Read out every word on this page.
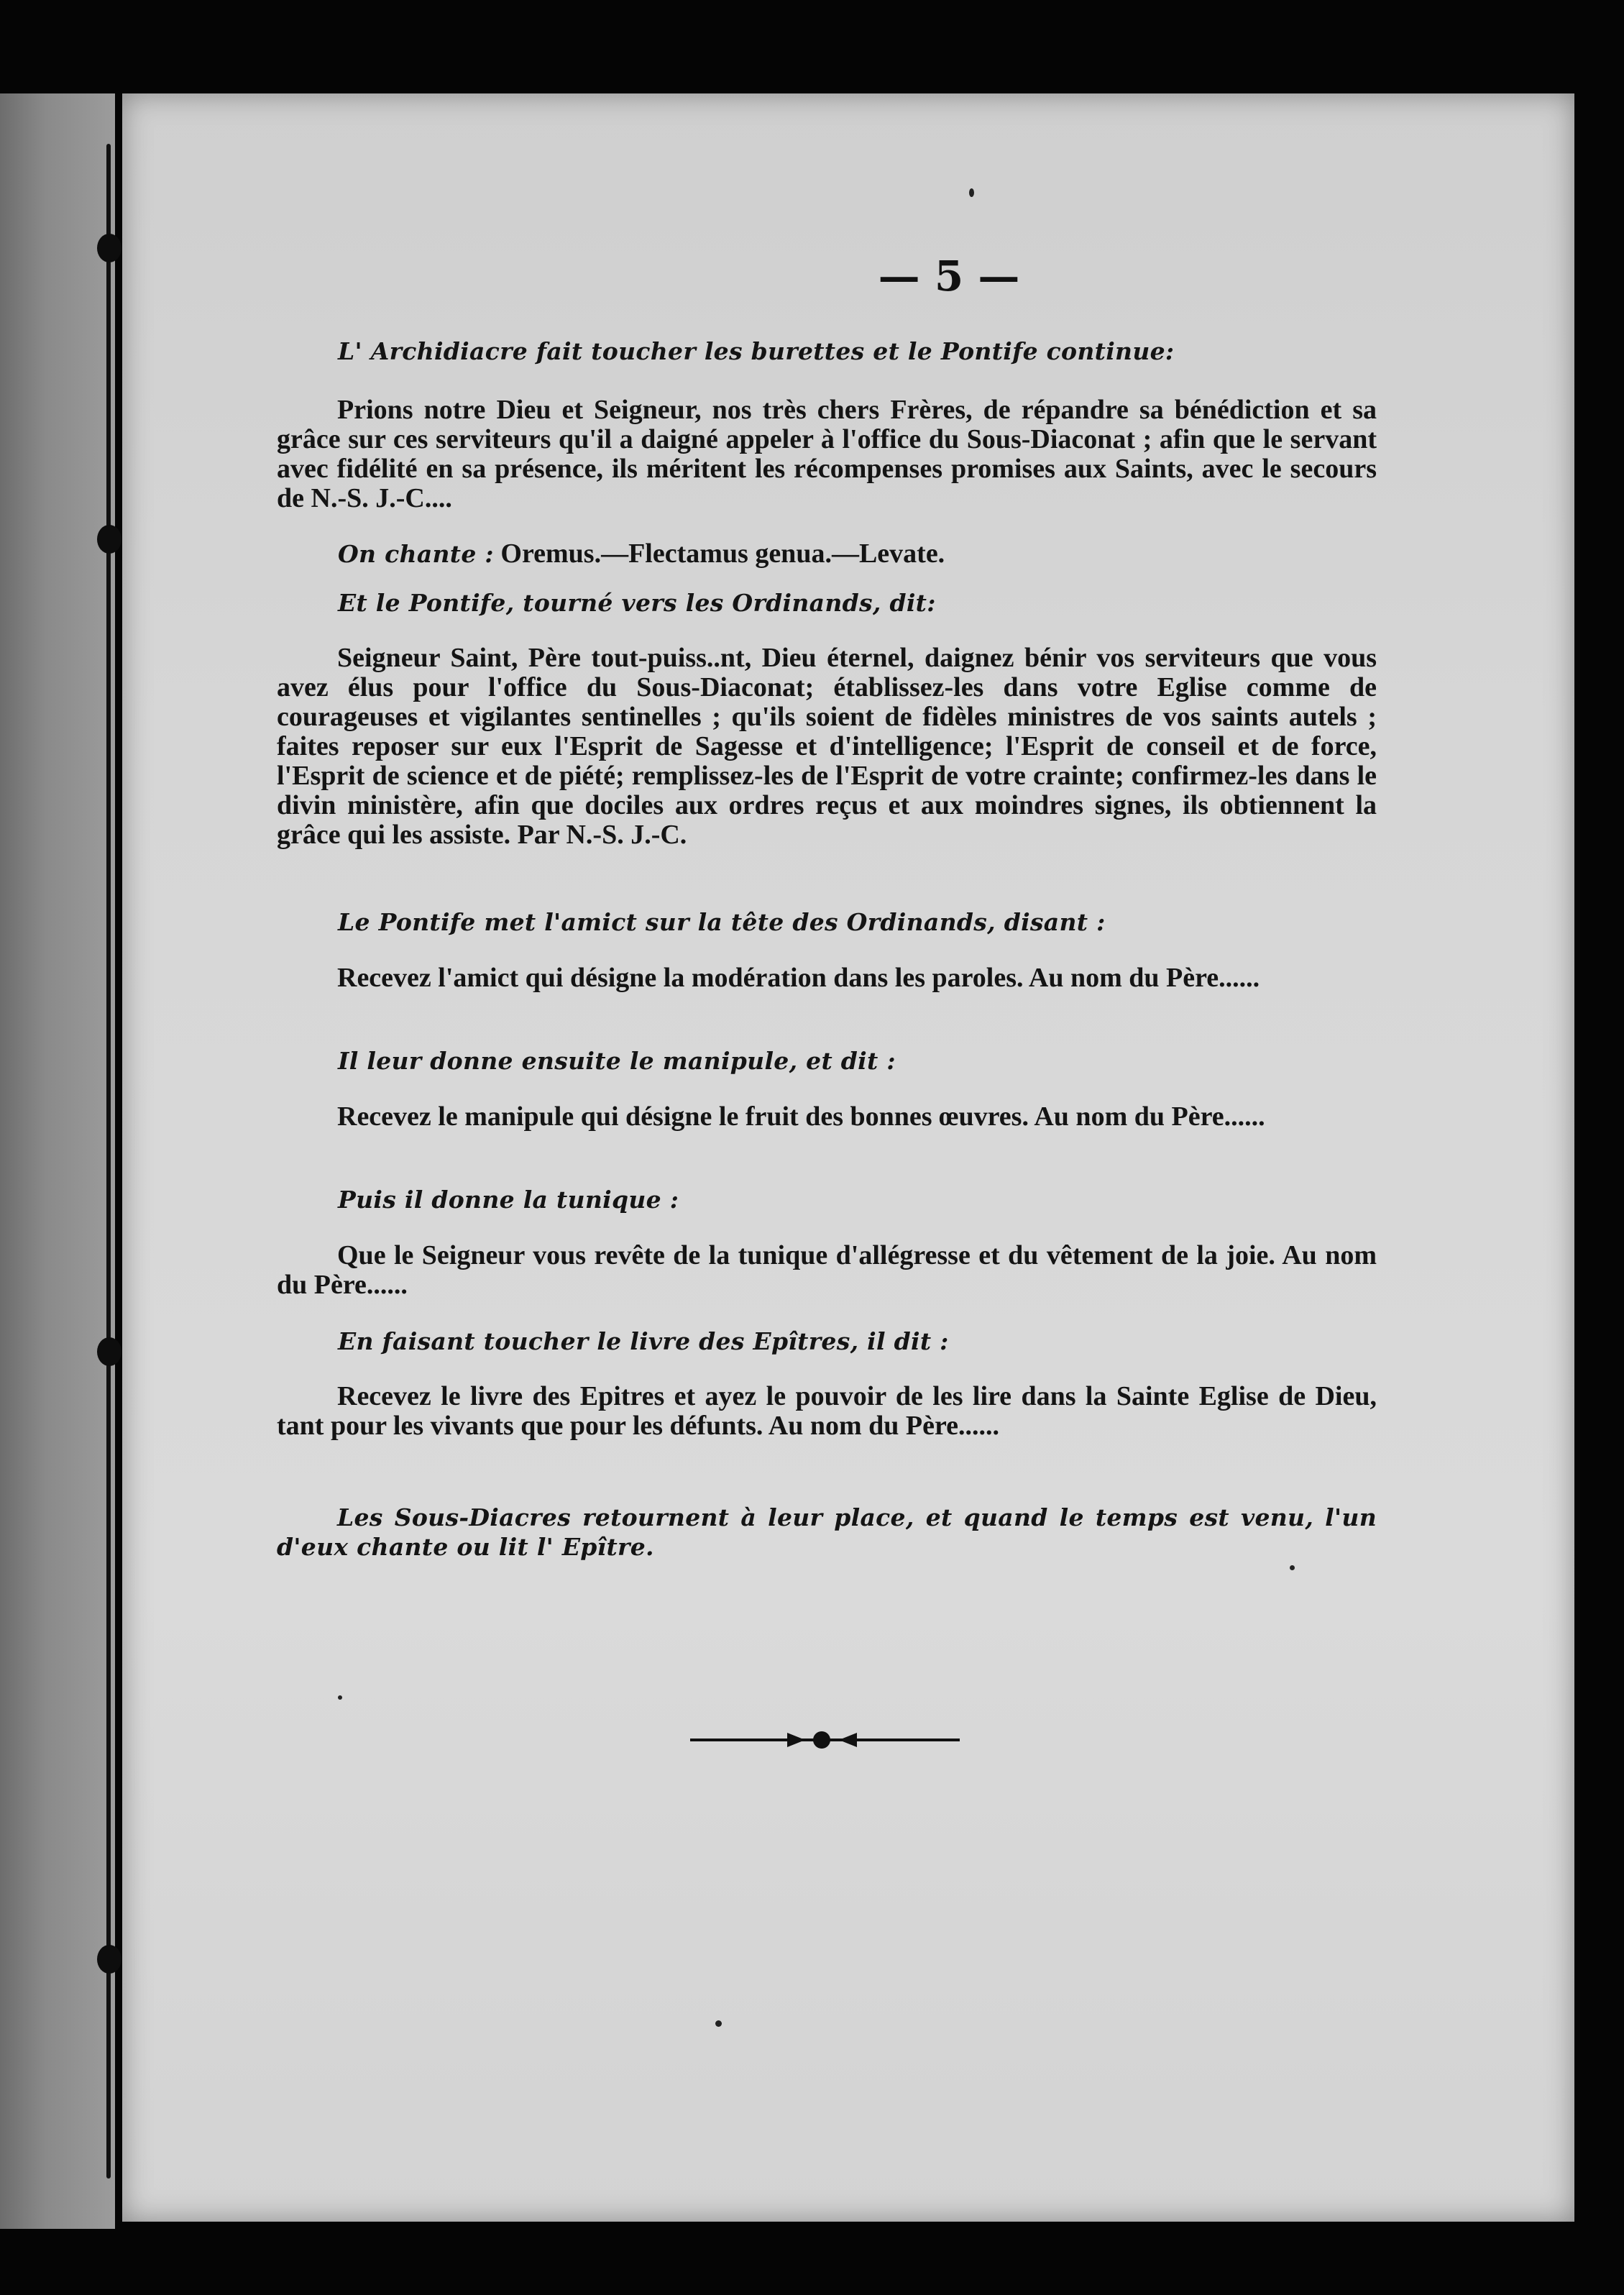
— 5 —
L' Archidiacre fait toucher les burettes et le Pontife continue:
Prions notre Dieu et Seigneur, nos très chers Frères, de répandre sa bénédiction et sa grâce sur ces serviteurs qu'il a daigné appeler à l'office du Sous-Diaconat ; afin que le servant avec fidélité en sa présence, ils méritent les récompenses promises aux Saints, avec le secours de N.-S. J.-C....
On chante : Oremus.—Flectamus genua.—Levate.
Et le Pontife, tourné vers les Ordinands, dit:
Seigneur Saint, Père tout-puiss..nt, Dieu éternel, daignez bénir vos serviteurs que vous avez élus pour l'office du Sous-Diaconat; établissez-les dans votre Eglise comme de courageuses et vigilantes sentinelles ; qu'ils soient de fidèles ministres de vos saints autels ; faites reposer sur eux l'Esprit de Sagesse et d'intelligence; l'Esprit de conseil et de force, l'Esprit de science et de piété; remplissez-les de l'Esprit de votre crainte; confirmez-les dans le divin ministère, afin que dociles aux ordres reçus et aux moindres signes, ils obtiennent la grâce qui les assiste. Par N.-S. J.-C.
Le Pontife met l'amict sur la tête des Ordinands, disant :
Recevez l'amict qui désigne la modération dans les paroles. Au nom du Père......
Il leur donne ensuite le manipule, et dit :
Recevez le manipule qui désigne le fruit des bonnes œuvres. Au nom du Père......
Puis il donne la tunique :
Que le Seigneur vous revête de la tunique d'allégresse et du vêtement de la joie. Au nom du Père......
En faisant toucher le livre des Epîtres, il dit :
Recevez le livre des Epitres et ayez le pouvoir de les lire dans la Sainte Eglise de Dieu, tant pour les vivants que pour les défunts. Au nom du Père......
Les Sous-Diacres retournent à leur place, et quand le temps est venu, l'un d'eux chante ou lit l' Epître.
